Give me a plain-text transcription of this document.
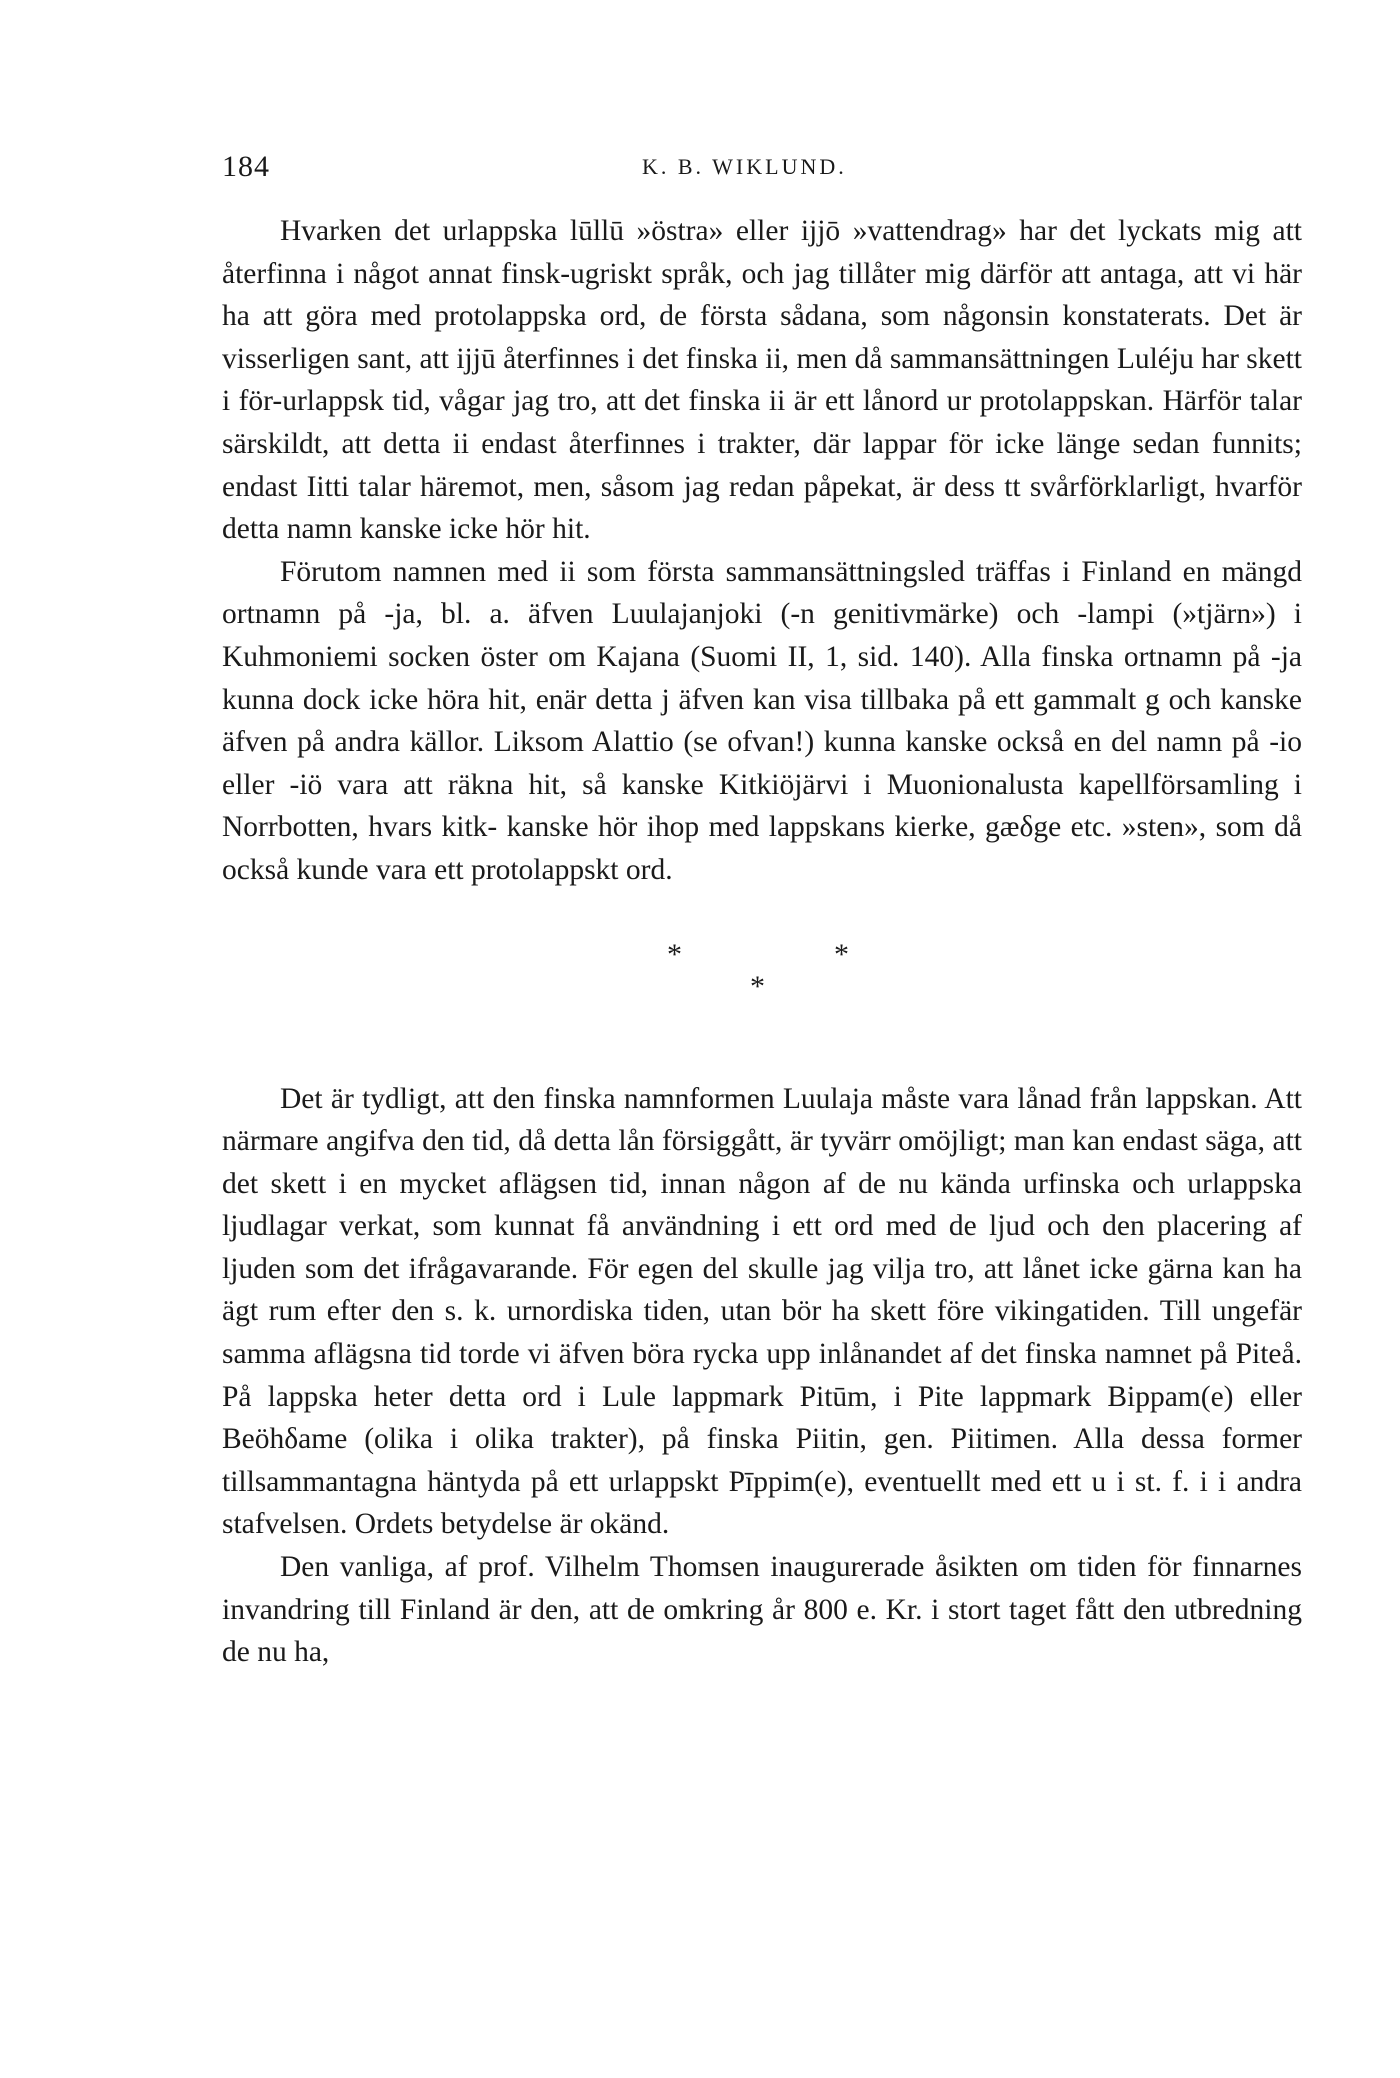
184	K. B. WIKLUND.

Hvarken det urlappska lūllū »östra» eller ijjō »vattendrag» har det lyckats mig att återfinna i något annat finsk-ugriskt språk, och jag tillåter mig därför att antaga, att vi här ha att göra med protolappska ord, de första sådana, som någonsin konstaterats. Det är visserligen sant, att ijjū återfinnes i det finska ii, men då sammansättningen Luléju har skett i för-urlappsk tid, vågar jag tro, att det finska ii är ett lånord ur protolappskan. Härför talar särskildt, att detta ii endast återfinnes i trakter, där lappar för icke länge sedan funnits; endast Iitti talar häremot, men, såsom jag redan påpekat, är dess tt svårförklarligt, hvarför detta namn kanske icke hör hit.

Förutom namnen med ii som första sammansättningsled träffas i Finland en mängd ortnamn på -ja, bl. a. äfven Luulajanjoki (-n genitivmärke) och -lampi (»tjärn») i Kuhmoniemi socken öster om Kajana (Suomi II, 1, sid. 140). Alla finska ortnamn på -ja kunna dock icke höra hit, enär detta j äfven kan visa tillbaka på ett gammalt g och kanske äfven på andra källor. Liksom Alattio (se ofvan!) kunna kanske också en del namn på -io eller -iö vara att räkna hit, så kanske Kitkiöjärvi i Muonionalusta kapellförsamling i Norrbotten, hvars kitk- kanske hör ihop med lappskans kierke, gæδge etc. »sten», som då också kunde vara ett protolappskt ord.

*	*
*

Det är tydligt, att den finska namnformen Luulaja måste vara lånad från lappskan. Att närmare angifva den tid, då detta lån försiggått, är tyvärr omöjligt; man kan endast säga, att det skett i en mycket aflägsen tid, innan någon af de nu kända urfinska och urlappska ljudlagar verkat, som kunnat få användning i ett ord med de ljud och den placering af ljuden som det ifrågavarande. För egen del skulle jag vilja tro, att lånet icke gärna kan ha ägt rum efter den s. k. urnordiska tiden, utan bör ha skett före vikingatiden. Till ungefär samma aflägsna tid torde vi äfven böra rycka upp inlånandet af det finska namnet på Piteå. På lappska heter detta ord i Lule lappmark Pitūm, i Pite lappmark Bippam(e) eller Beöhδame (olika i olika trakter), på finska Piitin, gen. Piitimen. Alla dessa former tillsammantagna häntyda på ett urlappskt Pīppim(e), eventuellt med ett u i st. f. i i andra stafvelsen. Ordets betydelse är okänd.

Den vanliga, af prof. Vilhelm Thomsen inaugurerade åsikten om tiden för finnarnes invandring till Finland är den, att de omkring år 800 e. Kr. i stort taget fått den utbredning de nu ha,
